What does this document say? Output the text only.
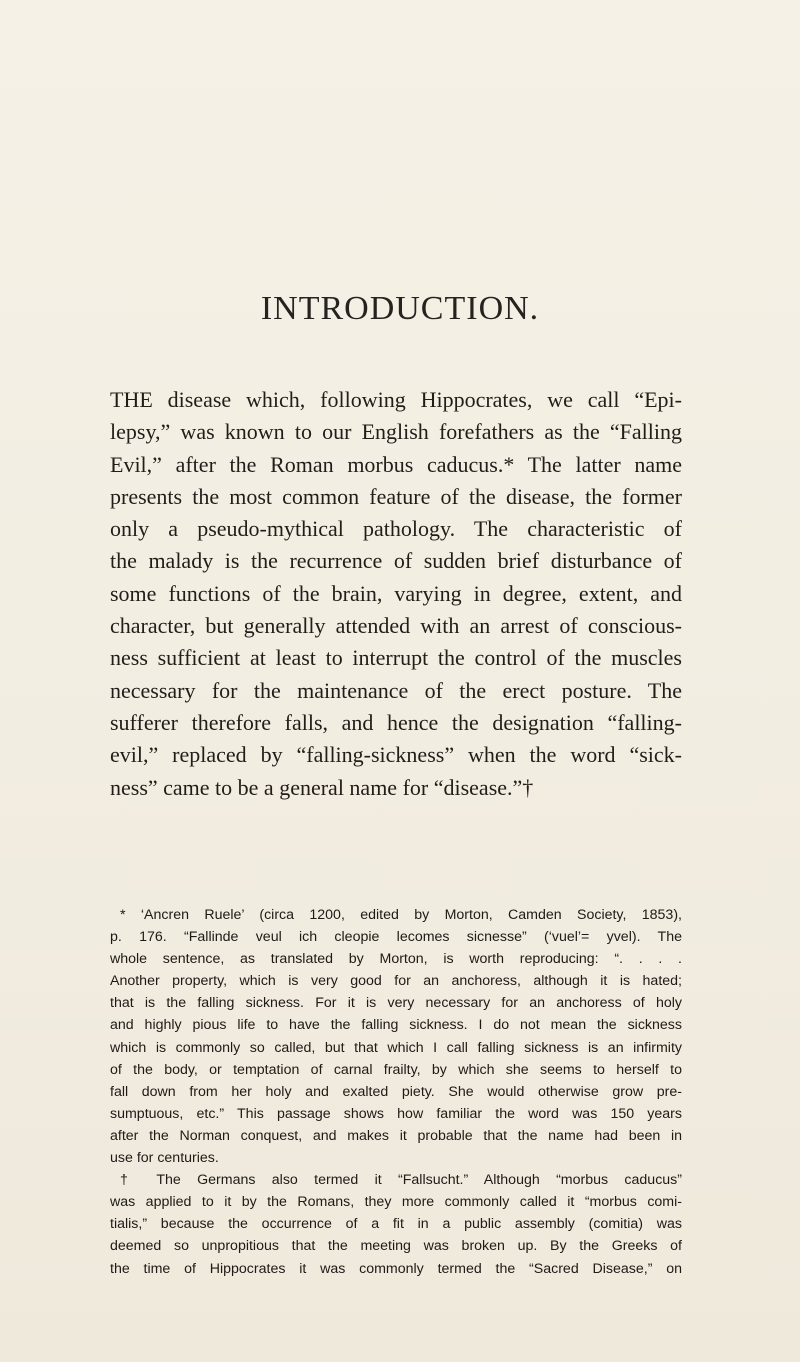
INTRODUCTION.
THE disease which, following Hippocrates, we call “Epi-
lepsy,” was known to our English forefathers as the “Falling
Evil,” after the Roman morbus caducus.* The latter name
presents the most common feature of the disease, the former
only a pseudo-mythical pathology. The characteristic of
the malady is the recurrence of sudden brief disturbance of
some functions of the brain, varying in degree, extent, and
character, but generally attended with an arrest of conscious-
ness sufficient at least to interrupt the control of the muscles
necessary for the maintenance of the erect posture. The
sufferer therefore falls, and hence the designation “falling-
evil,” replaced by “falling-sickness” when the word “sick-
ness” came to be a general name for “disease.”†
* ‘Ancren Ruele’ (circa 1200, edited by Morton, Camden Society, 1853),
p. 176. “Fallinde veul ich cleopie lecomes sicnesse” (‘vuel’= yvel). The
whole sentence, as translated by Morton, is worth reproducing: “. . . .
Another property, which is very good for an anchoress, although it is hated;
that is the falling sickness. For it is very necessary for an anchoress of holy
and highly pious life to have the falling sickness. I do not mean the sickness
which is commonly so called, but that which I call falling sickness is an infirmity
of the body, or temptation of carnal frailty, by which she seems to herself to
fall down from her holy and exalted piety. She would otherwise grow pre-
sumptuous, etc.” This passage shows how familiar the word was 150 years
after the Norman conquest, and makes it probable that the name had been in
use for centuries.
† The Germans also termed it “Fallsucht.” Although “morbus caducus”
was applied to it by the Romans, they more commonly called it “morbus comi-
tialis,” because the occurrence of a fit in a public assembly (comitia) was
deemed so unpropitious that the meeting was broken up. By the Greeks of
the time of Hippocrates it was commonly termed the “Sacred Disease,” on
